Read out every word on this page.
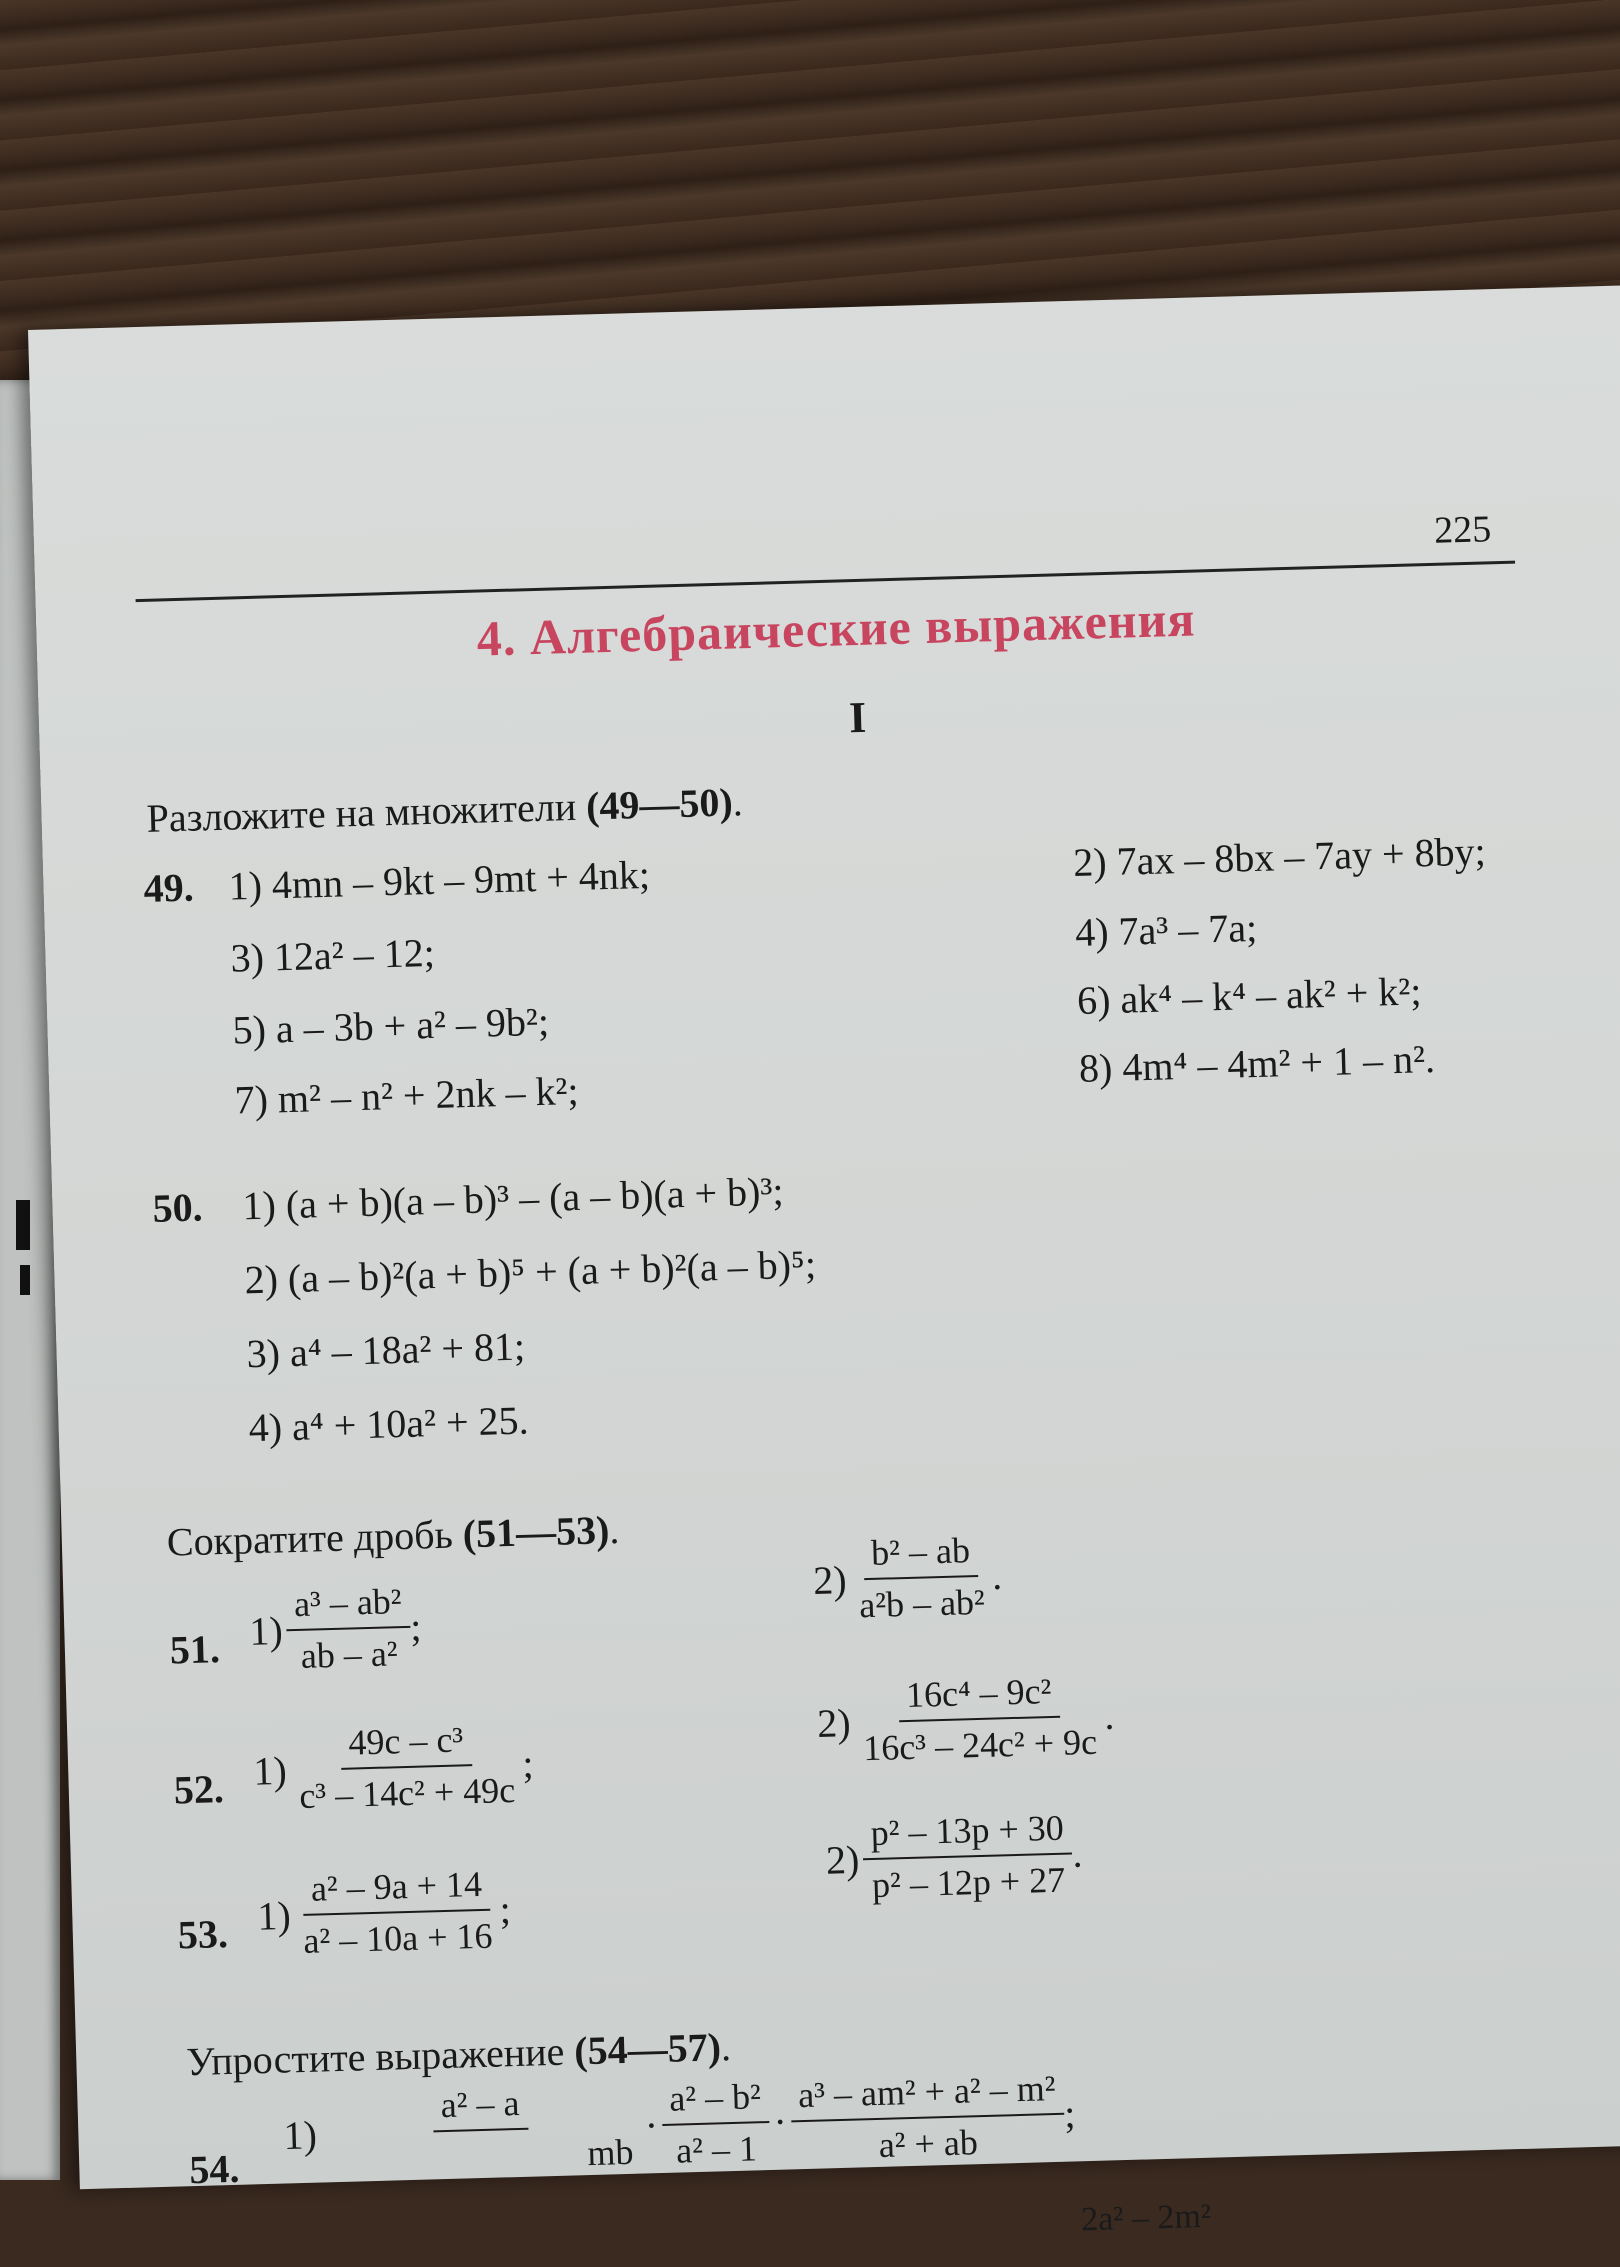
225
4. Алгебраические выражения
I
Разложите на множители (49—50).
49. 1) 4mn – 9kt – 9mt + 4nk;	2) 7ax – 8bx – 7ay + 8by;
3) 12a² – 12;	4) 7a³ – 7a;
5) a – 3b + a² – 9b²;
6) ak⁴ – k⁴ – ak² + k²;
7) m² – n² + 2nk – k²;
8) 4m⁴ – 4m² + 1 – n².
50. 1) (a + b)(a – b)³ – (a – b)(a + b)³;
2) (a – b)²(a + b)⁵ + (a + b)²(a – b)⁵;
3) a⁴ – 18a² + 81;
4) a⁴ + 10a² + 25.
Сократите дробь (51—53).
51. $1) \frac{\text{a³ – ab²}}{\text{ab – a²}}$
;
$2) \frac{\text{b² – ab}}{\text{a²b – ab²}}$
.
52. $1) \frac{\text{49c – c³}}{\text{c³ – 14c² + 49c}}$
;
$2) \frac{\text{16c⁴ – 9c²}}{\text{16c³ – 24c² + 9c}}$
.
53. $1) \frac{\text{a² – 9a + 14}}{\text{a² – 10a + 16}}$
;
$2) \frac{\text{p² – 13p + 30}}{\text{p² – 12p + 27}}$
.
Упростите выражение (54—57).
54.
1)
a² – a
mb
· $\frac{\text{a² – b²}}{\text{a² – 1}} \cdot \frac{\text{a³ – am² + a² – m²}}{\text{a² + ab}}$
;
2a² – 2m²
